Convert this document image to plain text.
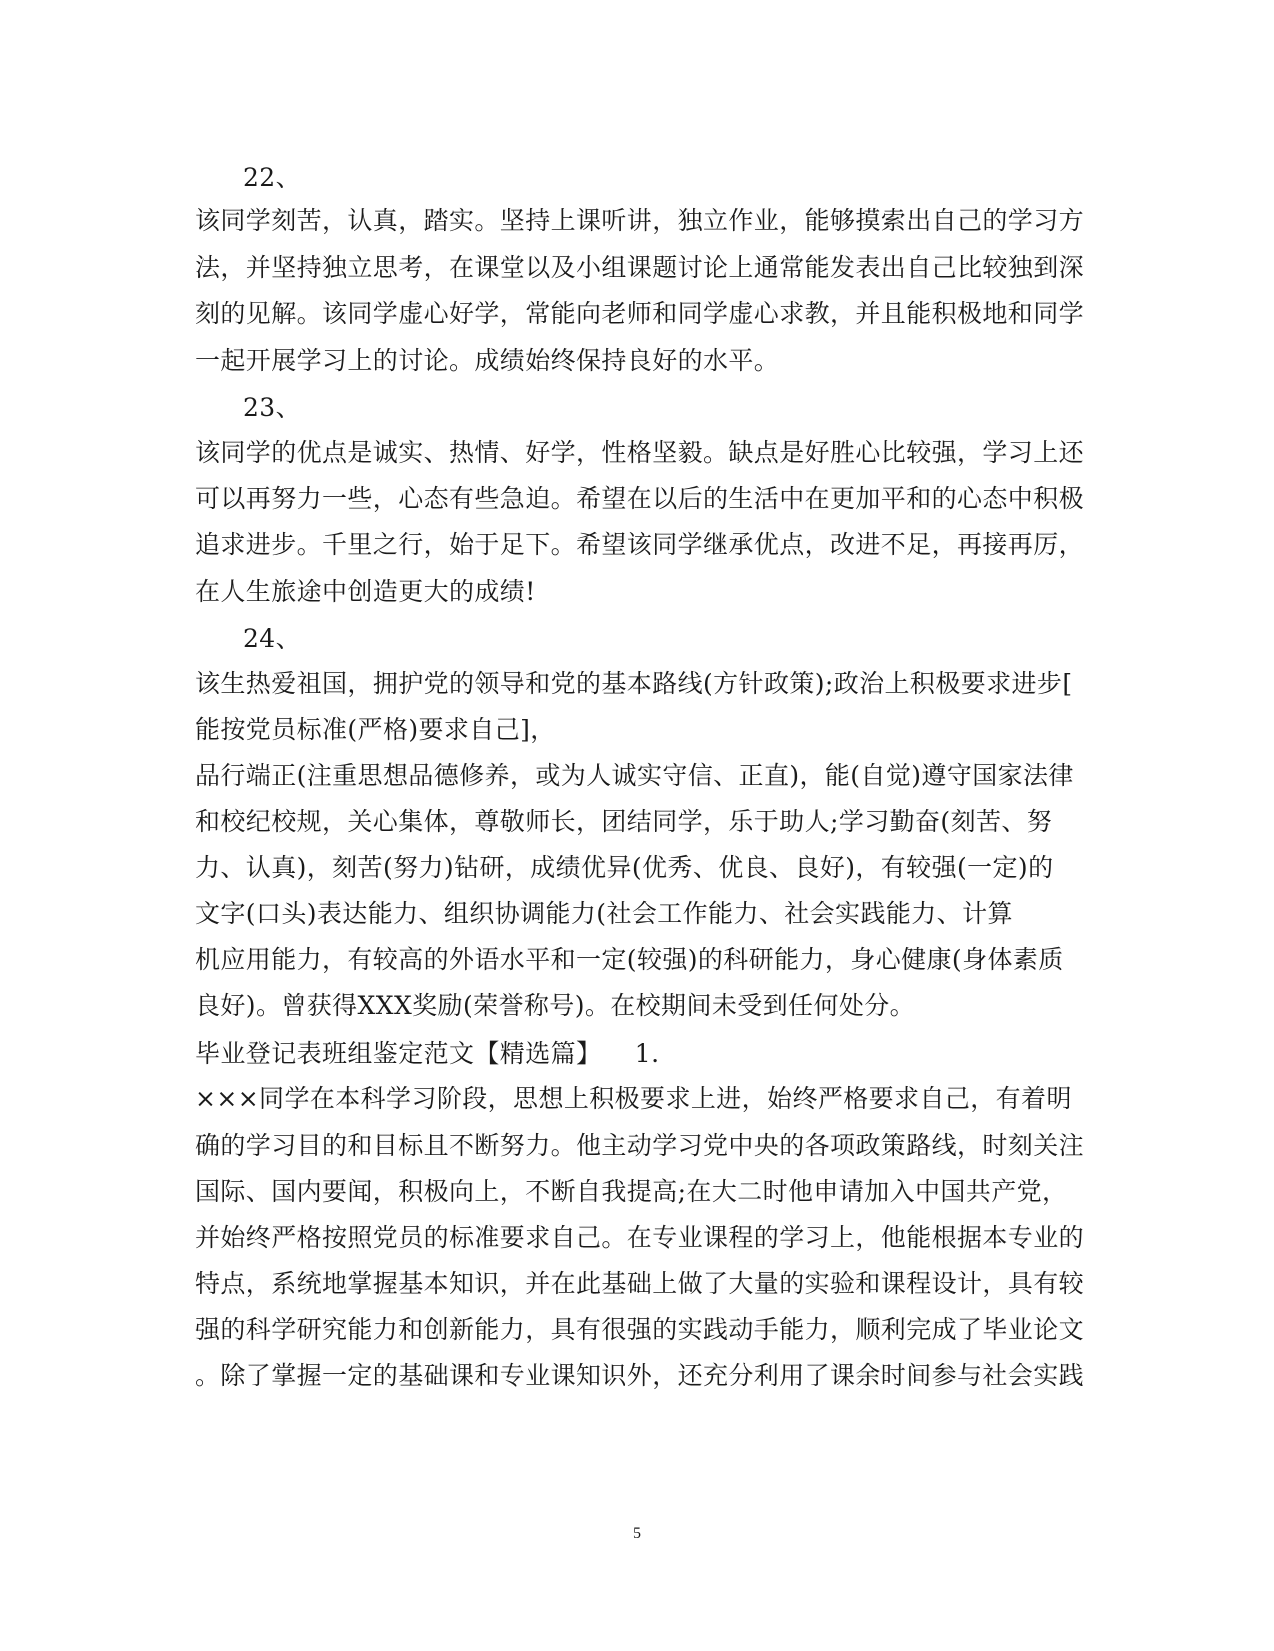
22、
该同学刻苦，认真，踏实。坚持上课听讲，独立作业，能够摸索出自己的学习方
法，并坚持独立思考，在课堂以及小组课题讨论上通常能发表出自己比较独到深
刻的见解。该同学虚心好学，常能向老师和同学虚心求教，并且能积极地和同学
一起开展学习上的讨论。成绩始终保持良好的水平。
23、
该同学的优点是诚实、热情、好学，性格坚毅。缺点是好胜心比较强，学习上还
可以再努力一些，心态有些急迫。希望在以后的生活中在更加平和的心态中积极
追求进步。千里之行，始于足下。希望该同学继承优点，改进不足，再接再厉，
在人生旅途中创造更大的成绩!
24、
该生热爱祖国，拥护党的领导和党的基本路线(方针政策);政治上积极要求进步[
能按党员标准(严格)要求自己]，
品行端正(注重思想品德修养，或为人诚实守信、正直)，能(自觉)遵守国家法律
和校纪校规，关心集体，尊敬师长，团结同学，乐于助人;学习勤奋(刻苦、努
力、认真)，刻苦(努力)钻研，成绩优异(优秀、优良、良好)，有较强(一定)的
文字(口头)表达能力、组织协调能力(社会工作能力、社会实践能力、计算
机应用能力，有较高的外语水平和一定(较强)的科研能力，身心健康(身体素质
良好)。曾获得XXX奖励(荣誉称号)。在校期间未受到任何处分。
毕业登记表班组鉴定范文【精选篇】    1.
×××同学在本科学习阶段，思想上积极要求上进，始终严格要求自己，有着明
确的学习目的和目标且不断努力。他主动学习党中央的各项政策路线，时刻关注
国际、国内要闻，积极向上，不断自我提高;在大二时他申请加入中国共产党，
并始终严格按照党员的标准要求自己。在专业课程的学习上，他能根据本专业的
特点，系统地掌握基本知识，并在此基础上做了大量的实验和课程设计，具有较
强的科学研究能力和创新能力，具有很强的实践动手能力，顺利完成了毕业论文
。除了掌握一定的基础课和专业课知识外，还充分利用了课余时间参与社会实践
5
